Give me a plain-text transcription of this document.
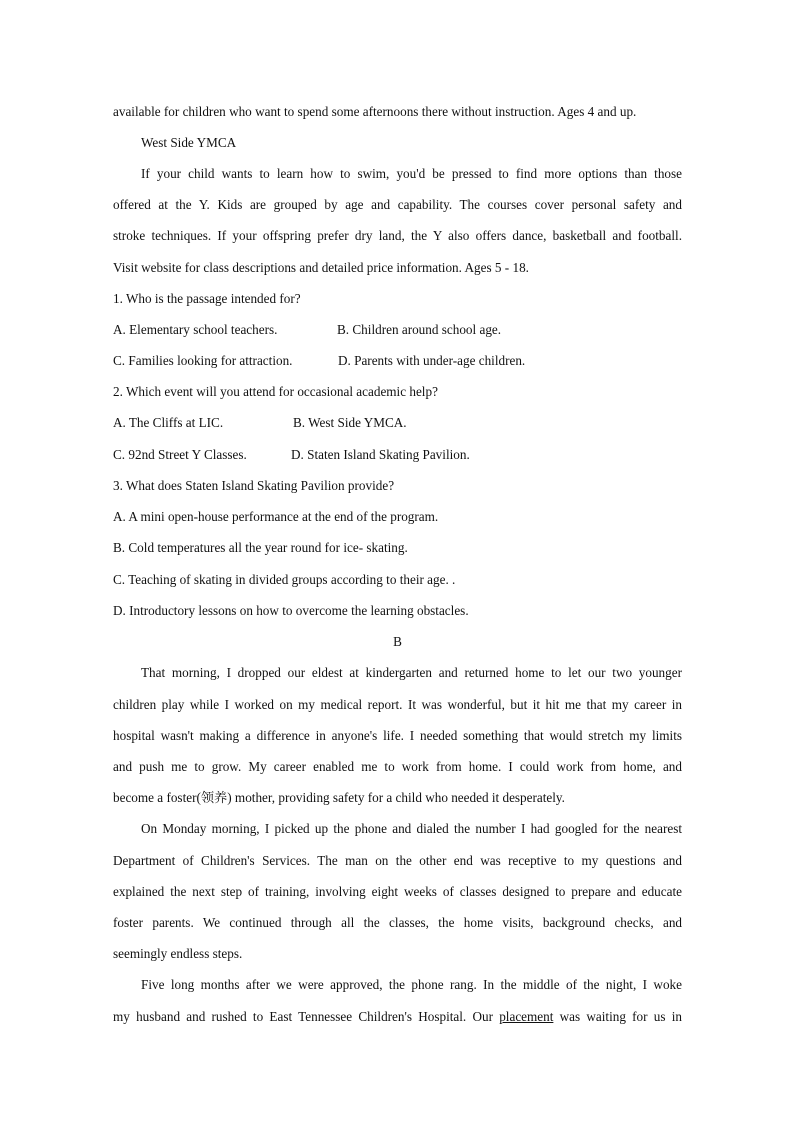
available for children who want to spend some afternoons there without instruction. Ages 4 and up.
West Side YMCA
If your child wants to learn how to swim, you'd be pressed to find more options than those
offered at the Y. Kids are grouped by age and capability. The courses cover personal safety and
stroke techniques. If your offspring prefer dry land, the Y also offers dance, basketball and football.
Visit website for class descriptions and detailed price information. Ages 5 - 18.
1. Who is the passage intended for?
A. Elementary school teachers.	B. Children around school age.
C. Families looking for attraction.	D. Parents with under-age children.
2. Which event will you attend for occasional academic help?
A. The Cliffs at LIC.	B. West Side YMCA.
C. 92nd Street Y Classes.	D. Staten Island Skating Pavilion.
3. What does Staten Island Skating Pavilion provide?
A. A mini open-house performance at the end of the program.
B. Cold temperatures all the year round for ice- skating.
C. Teaching of skating in divided groups according to their age. .
D. Introductory lessons on how to overcome the learning obstacles.
B
That morning, I dropped our eldest at kindergarten and returned home to let our two younger
children play while I worked on my medical report. It was wonderful, but it hit me that my career in
hospital wasn't making a difference in anyone's life. I needed something that would stretch my limits
and push me to grow. My career enabled me to work from home. I could work from home, and
become a foster(领养) mother, providing safety for a child who needed it desperately.
On Monday morning, I picked up the phone and dialed the number I had googled for the nearest
Department of Children's Services. The man on the other end was receptive to my questions and
explained the next step of training, involving eight weeks of classes designed to prepare and educate
foster parents. We continued through all the classes, the home visits, background checks, and
seemingly endless steps.
Five long months after we were approved, the phone rang. In the middle of the night, I woke
my husband and rushed to East Tennessee Children's Hospital. Our placement was waiting for us in
